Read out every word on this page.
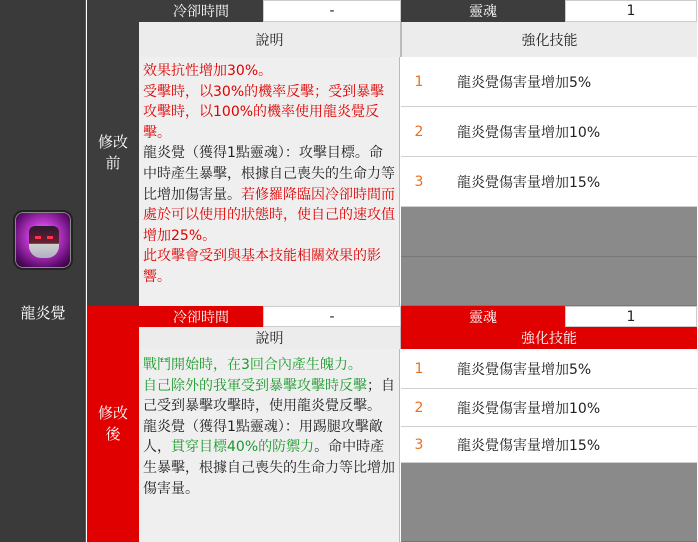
龍炎覺
修改前
修改後
冷卻時間	-	靈魂	1
說明	強化技能
效果抗性增加30%。
受擊時，以30%的機率反擊；受到暴擊攻擊時，以100%的機率使用龍炎覺反擊。
龍炎覺（獲得1點靈魂）：攻擊目標。命中時產生暴擊，根據自己喪失的生命力等比增加傷害量。若修羅降臨因冷卻時間而處於可以使用的狀態時，使自己的速攻值增加25%。
此攻擊會受到與基本技能相關效果的影響。
1	龍炎覺傷害量增加5%
2	龍炎覺傷害量增加10%
3	龍炎覺傷害量增加15%
冷卻時間	-	靈魂	1
說明	強化技能
戰鬥開始時，在3回合內產生魄力。
自己除外的我軍受到暴擊攻擊時反擊；自己受到暴擊攻擊時，使用龍炎覺反擊。
龍炎覺（獲得1點靈魂）：用踢腿攻擊敵人，貫穿目標40%的防禦力。命中時產生暴擊，根據自己喪失的生命力等比增加傷害量。
1	龍炎覺傷害量增加5%
2	龍炎覺傷害量增加10%
3	龍炎覺傷害量增加15%
